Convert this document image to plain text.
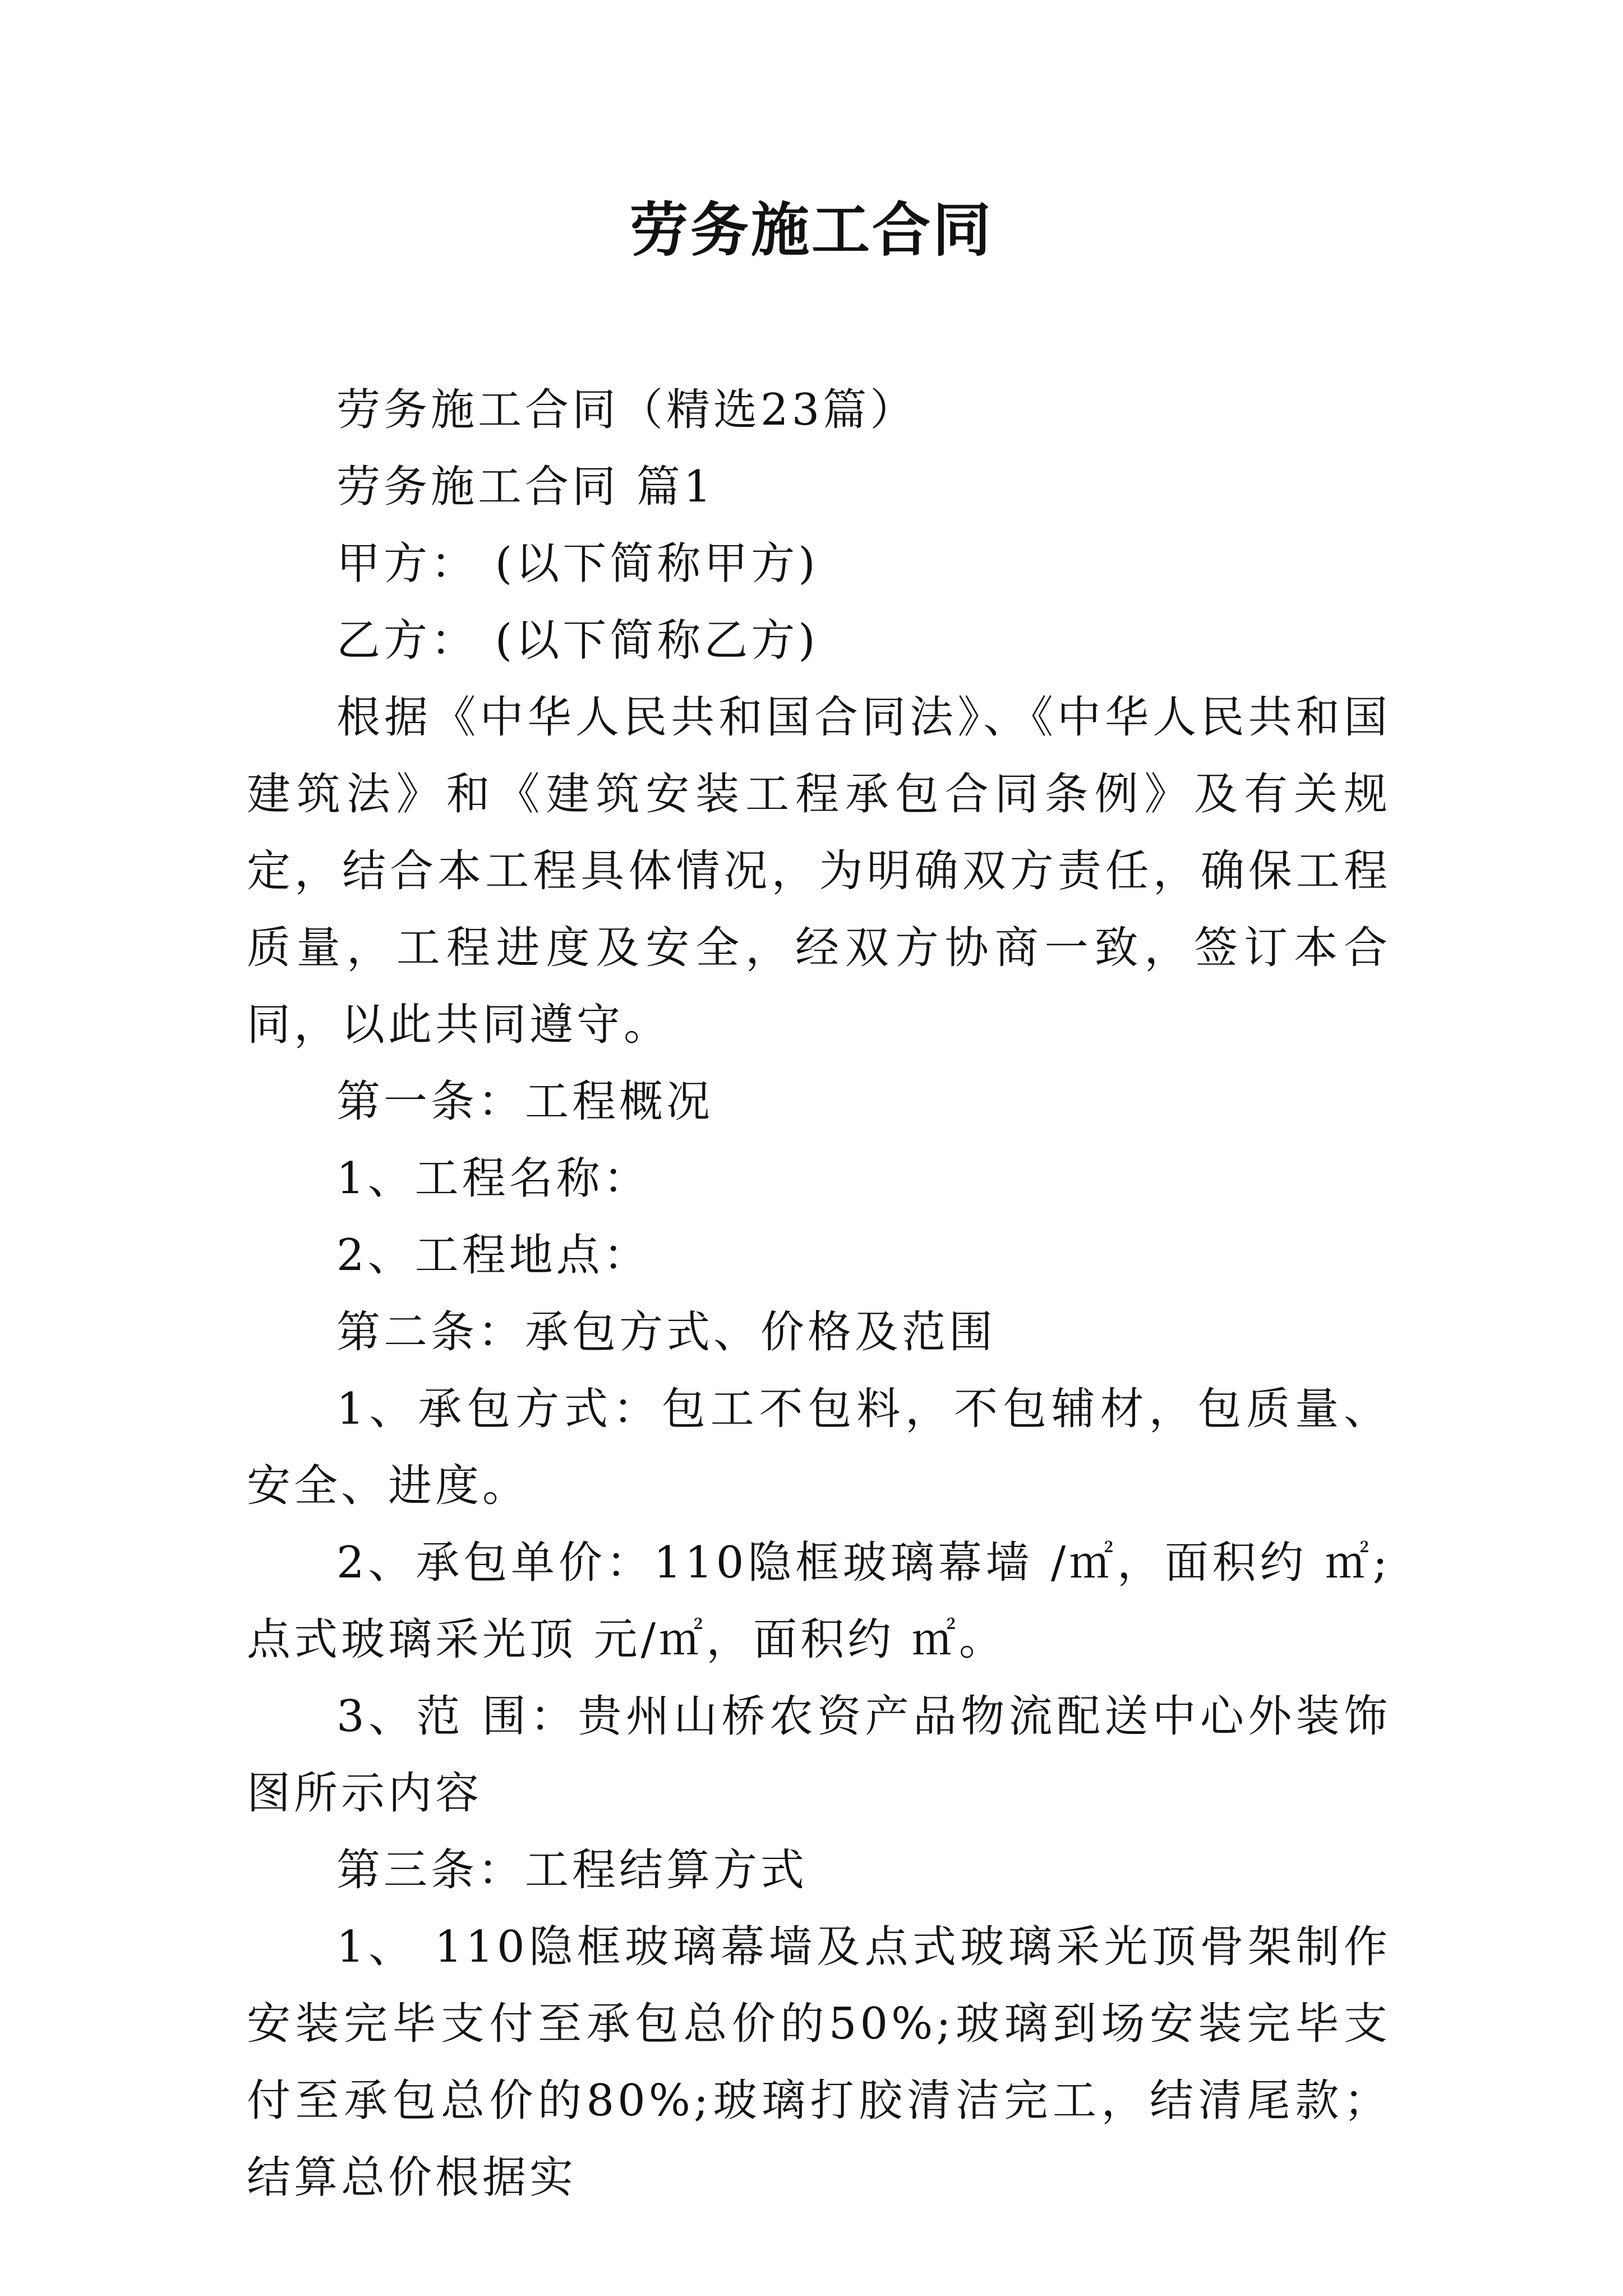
劳务施工合同

劳务施工合同（精选23篇）

劳务施工合同 篇1

甲方： (以下简称甲方)

乙方： (以下简称乙方)

根据《中华人民共和国合同法》、《中华人民共和国建筑法》和《建筑安装工程承包合同条例》及有关规定，结合本工程具体情况，为明确双方责任，确保工程质量，工程进度及安全，经双方协商一致，签订本合同，以此共同遵守。

第一条：工程概况

1、工程名称：

2、工程地点：

第二条：承包方式、价格及范围

1、承包方式：包工不包料，不包辅材，包质量、安全、进度。

2、承包单价：110隐框玻璃幕墙 /㎡，面积约 ㎡;点式玻璃采光顶 元/㎡，面积约 ㎡。

3、范 围：贵州山桥农资产品物流配送中心外装饰图所示内容

第三条：工程结算方式

1、 110隐框玻璃幕墙及点式玻璃采光顶骨架制作安装完毕支付至承包总价的50%;玻璃到场安装完毕支付至承包总价的80%;玻璃打胶清洁完工，结清尾款；结算总价根据实
